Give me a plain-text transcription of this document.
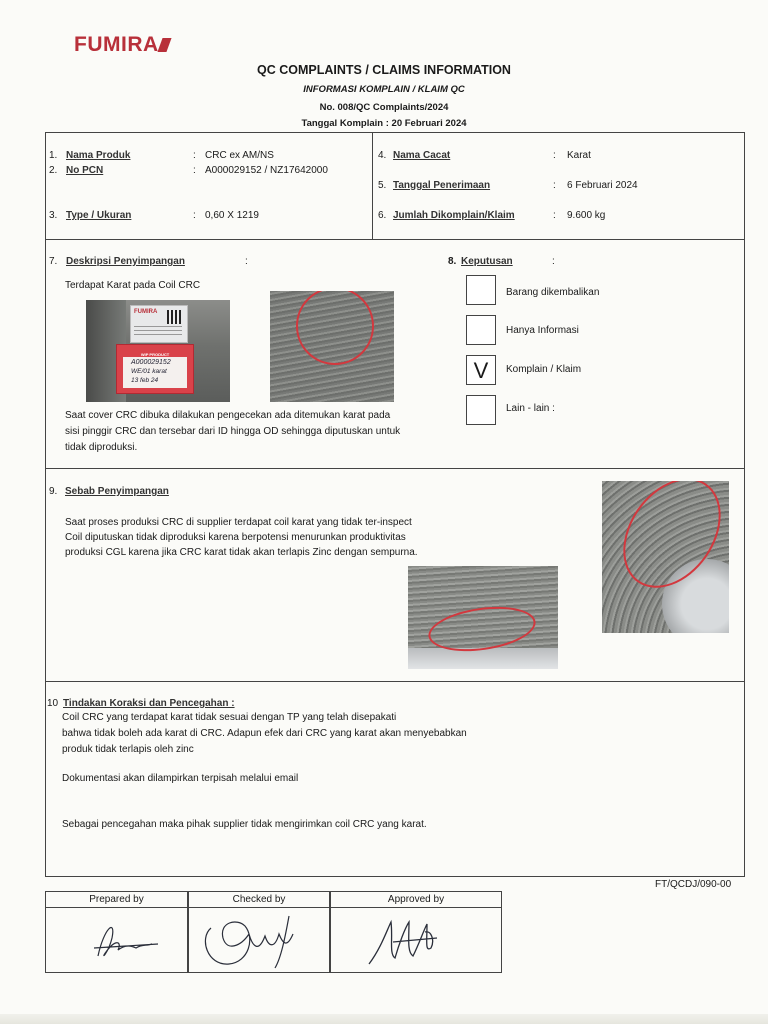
FUMIRA
QC COMPLAINTS / CLAIMS INFORMATION
INFORMASI KOMPLAIN / KLAIM QC
No. 008/QC Complaints/2024
Tanggal Komplain : 20 Februari 2024
1. Nama Produk	: CRC ex AM/NS
2. No PCN	: A000029152 / NZ17642000
3. Type / Ukuran	: 0,60 X 1219
4. Nama Cacat	: Karat
5. Tanggal Penerimaan	: 6 Februari 2024
6. Jumlah Dikomplain/Klaim	: 9.600 kg
7. Deskripsi Penyimpangan	:
Terdapat Karat pada Coil CRC
FUMIRA
WIP PRODUCT
A000029152
WE/01 karat
13 feb 24
Saat cover CRC dibuka dilakukan pengecekan ada ditemukan karat pada
sisi pinggir CRC dan tersebar dari ID hingga OD sehingga diputuskan untuk
tidak diproduksi.
8. Keputusan	:
Barang dikembalikan
Hanya Informasi
V	Komplain / Klaim
Lain - lain :
9. Sebab Penyimpangan
Saat proses produksi CRC di supplier terdapat coil karat yang tidak ter-inspect
Coil diputuskan tidak diproduksi karena berpotensi menurunkan produktivitas
produksi CGL karena jika CRC karat tidak akan terlapis Zinc dengan sempurna.
10 Tindakan Koraksi dan Pencegahan :
Coil CRC yang terdapat karat tidak sesuai dengan TP yang telah disepakati
bahwa tidak boleh ada karat di CRC. Adapun efek dari CRC yang karat akan menyebabkan
produk tidak terlapis oleh zinc
Dokumentasi akan dilampirkan terpisah melalui email
Sebagai pencegahan maka pihak supplier tidak mengirimkan coil CRC yang karat.
FT/QCDJ/090-00
Prepared by	Checked by	Approved by
